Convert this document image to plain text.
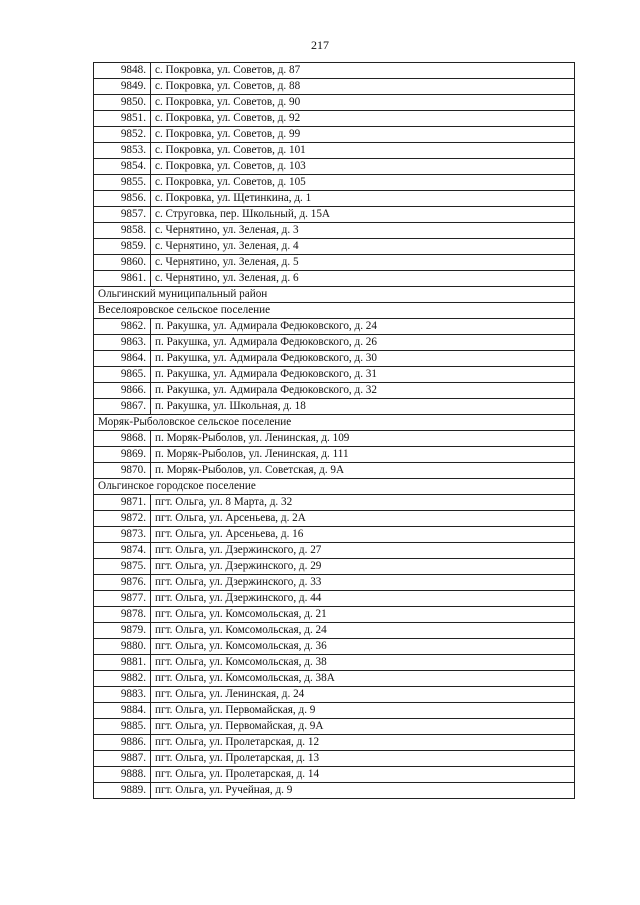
217
9848.	с. Покровка, ул. Советов, д. 87
9849.	с. Покровка, ул. Советов, д. 88
9850.	с. Покровка, ул. Советов, д. 90
9851.	с. Покровка, ул. Советов, д. 92
9852.	с. Покровка, ул. Советов, д. 99
9853.	с. Покровка, ул. Советов, д. 101
9854.	с. Покровка, ул. Советов, д. 103
9855.	с. Покровка, ул. Советов, д. 105
9856.	с. Покровка, ул. Щетинкина, д. 1
9857.	с. Струговка, пер. Школьный, д. 15А
9858.	с. Чернятино, ул. Зеленая, д. 3
9859.	с. Чернятино, ул. Зеленая, д. 4
9860.	с. Чернятино, ул. Зеленая, д. 5
9861.	с. Чернятино, ул. Зеленая, д. 6
Ольгинский муниципальный район	
Веселояровское сельское поселение	
9862.	п. Ракушка, ул. Адмирала Федюковского, д. 24
9863.	п. Ракушка, ул. Адмирала Федюковского, д. 26
9864.	п. Ракушка, ул. Адмирала Федюковского, д. 30
9865.	п. Ракушка, ул. Адмирала Федюковского, д. 31
9866.	п. Ракушка, ул. Адмирала Федюковского, д. 32
9867.	п. Ракушка, ул. Школьная, д. 18
Моряк-Рыболовское сельское поселение	
9868.	п. Моряк-Рыболов, ул. Ленинская, д. 109
9869.	п. Моряк-Рыболов, ул. Ленинская, д. 111
9870.	п. Моряк-Рыболов, ул. Советская, д. 9А
Ольгинское городское поселение	
9871.	пгт. Ольга, ул. 8 Марта, д. 32
9872.	пгт. Ольга, ул. Арсеньева, д. 2А
9873.	пгт. Ольга, ул. Арсеньева, д. 16
9874.	пгт. Ольга, ул. Дзержинского, д. 27
9875.	пгт. Ольга, ул. Дзержинского, д. 29
9876.	пгт. Ольга, ул. Дзержинского, д. 33
9877.	пгт. Ольга, ул. Дзержинского, д. 44
9878.	пгт. Ольга, ул. Комсомольская, д. 21
9879.	пгт. Ольга, ул. Комсомольская, д. 24
9880.	пгт. Ольга, ул. Комсомольская, д. 36
9881.	пгт. Ольга, ул. Комсомольская, д. 38
9882.	пгт. Ольга, ул. Комсомольская, д. 38А
9883.	пгт. Ольга, ул. Ленинская, д. 24
9884.	пгт. Ольга, ул. Первомайская, д. 9
9885.	пгт. Ольга, ул. Первомайская, д. 9А
9886.	пгт. Ольга, ул. Пролетарская, д. 12
9887.	пгт. Ольга, ул. Пролетарская, д. 13
9888.	пгт. Ольга, ул. Пролетарская, д. 14
9889.	пгт. Ольга, ул. Ручейная, д. 9
